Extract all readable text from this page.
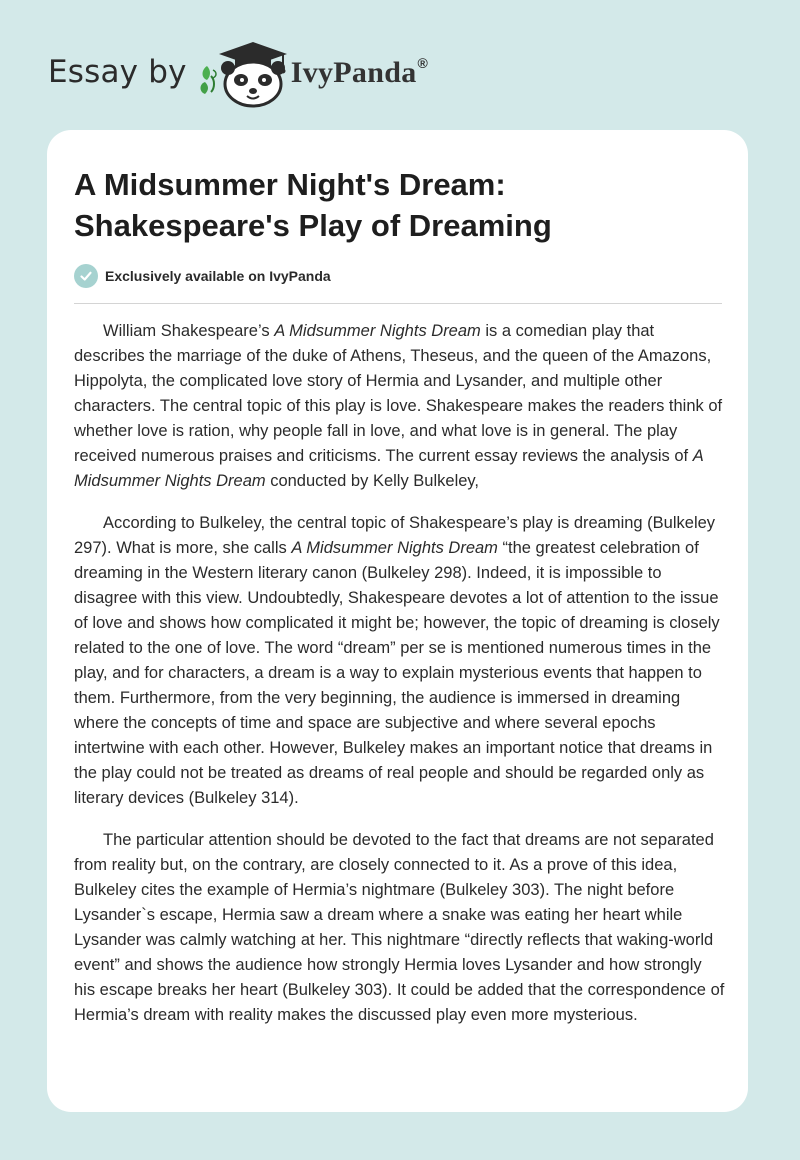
Essay by	IvyPanda®
A Midsummer Night's Dream:
Shakespeare's Play of Dreaming
Exclusively available on IvyPanda

William Shakespeare’s A Midsummer Nights Dream is a comedian play that describes the marriage of the duke of Athens, Theseus, and the queen of the Amazons, Hippolyta, the complicated love story of Hermia and Lysander, and multiple other characters. The central topic of this play is love. Shakespeare makes the readers think of whether love is ration, why people fall in love, and what love is in general. The play received numerous praises and criticisms. The current essay reviews the analysis of A Midsummer Nights Dream conducted by Kelly Bulkeley,

According to Bulkeley, the central topic of Shakespeare’s play is dreaming (Bulkeley 297). What is more, she calls A Midsummer Nights Dream “the greatest celebration of dreaming in the Western literary canon (Bulkeley 298). Indeed, it is impossible to disagree with this view. Undoubtedly, Shakespeare devotes a lot of attention to the issue of love and shows how complicated it might be; however, the topic of dreaming is closely related to the one of love. The word “dream” per se is mentioned numerous times in the play, and for characters, a dream is a way to explain mysterious events that happen to them. Furthermore, from the very beginning, the audience is immersed in dreaming where the concepts of time and space are subjective and where several epochs intertwine with each other. However, Bulkeley makes an important notice that dreams in the play could not be treated as dreams of real people and should be regarded only as literary devices (Bulkeley 314).

The particular attention should be devoted to the fact that dreams are not separated from reality but, on the contrary, are closely connected to it. As a prove of this idea, Bulkeley cites the example of Hermia’s nightmare (Bulkeley 303). The night before Lysander`s escape, Hermia saw a dream where a snake was eating her heart while Lysander was calmly watching at her. This nightmare “directly reflects that waking-world event” and shows the audience how strongly Hermia loves Lysander and how strongly his escape breaks her heart (Bulkeley 303). It could be added that the correspondence of Hermia’s dream with reality makes the discussed play even more mysterious.
